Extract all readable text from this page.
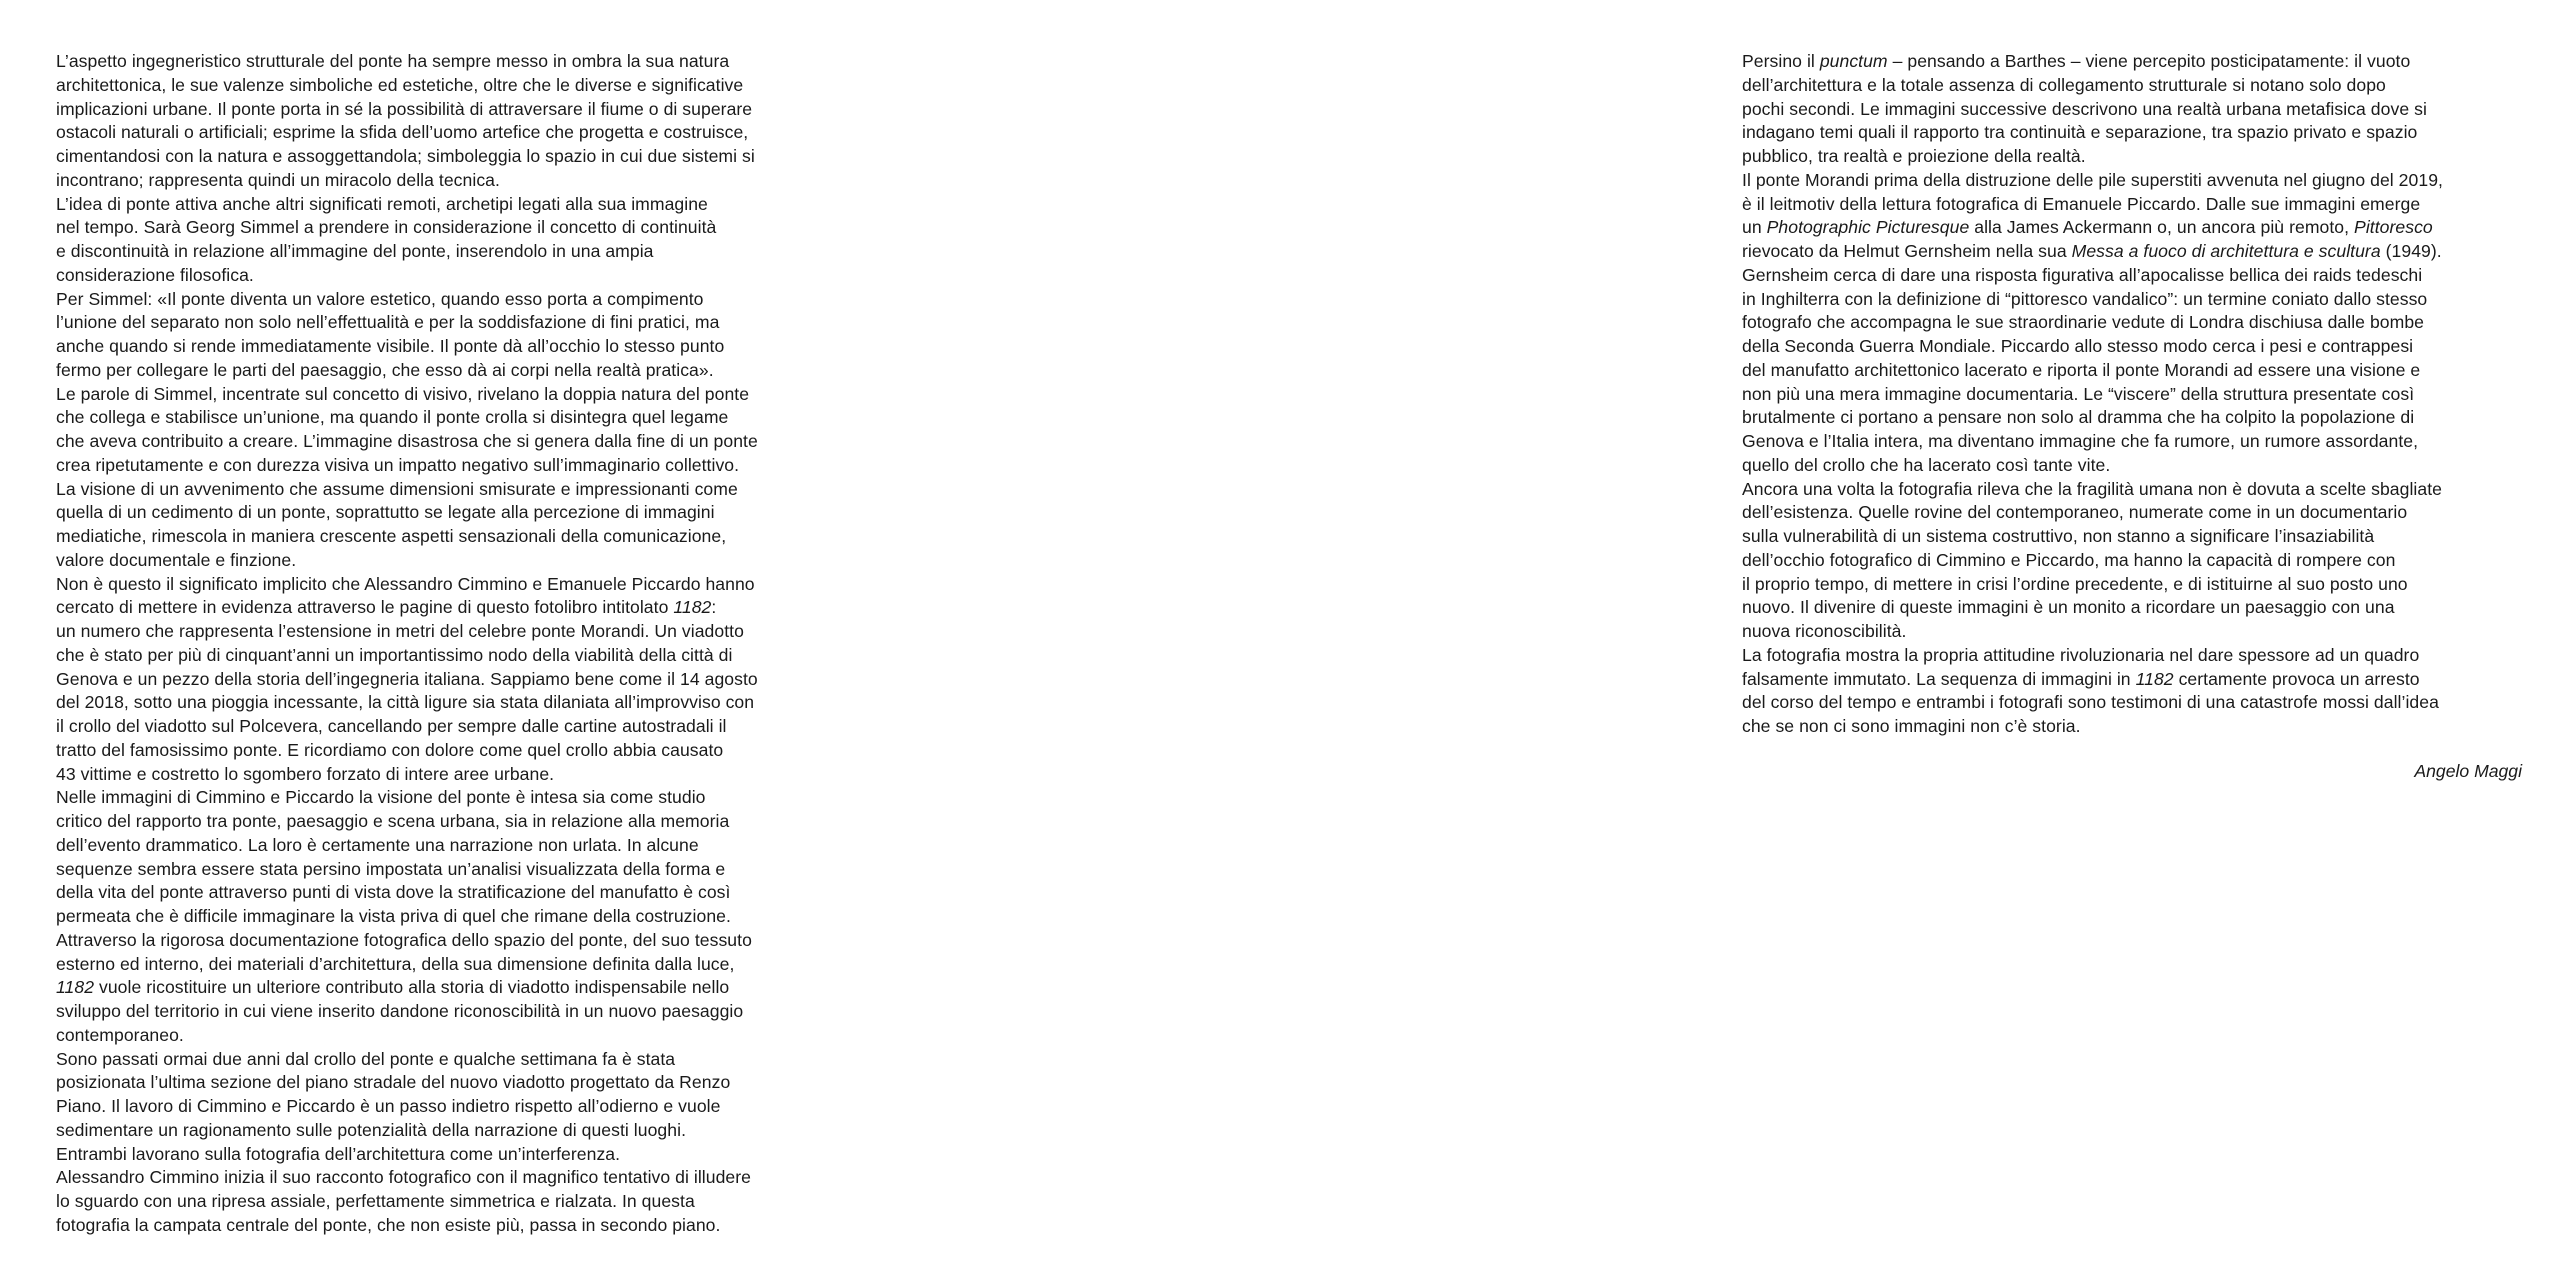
L’aspetto ingegneristico strutturale del ponte ha sempre messo in ombra la sua natura
architettonica, le sue valenze simboliche ed estetiche, oltre che le diverse e significative
implicazioni urbane. Il ponte porta in sé la possibilità di attraversare il fiume o di superare
ostacoli naturali o artificiali; esprime la sfida dell’uomo artefice che progetta e costruisce,
cimentandosi con la natura e assoggettandola; simboleggia lo spazio in cui due sistemi si
incontrano; rappresenta quindi un miracolo della tecnica.
L’idea di ponte attiva anche altri significati remoti, archetipi legati alla sua immagine
nel tempo. Sarà Georg Simmel a prendere in considerazione il concetto di continuità
e discontinuità in relazione all’immagine del ponte, inserendolo in una ampia
considerazione filosofica.
Per Simmel: «Il ponte diventa un valore estetico, quando esso porta a compimento
l’unione del separato non solo nell’effettualità e per la soddisfazione di fini pratici, ma
anche quando si rende immediatamente visibile. Il ponte dà all’occhio lo stesso punto
fermo per collegare le parti del paesaggio, che esso dà ai corpi nella realtà pratica».
Le parole di Simmel, incentrate sul concetto di visivo, rivelano la doppia natura del ponte
che collega e stabilisce un’unione, ma quando il ponte crolla si disintegra quel legame
che aveva contribuito a creare. L’immagine disastrosa che si genera dalla fine di un ponte
crea ripetutamente e con durezza visiva un impatto negativo sull’immaginario collettivo.
La visione di un avvenimento che assume dimensioni smisurate e impressionanti come
quella di un cedimento di un ponte, soprattutto se legate alla percezione di immagini
mediatiche, rimescola in maniera crescente aspetti sensazionali della comunicazione,
valore documentale e finzione.
Non è questo il significato implicito che Alessandro Cimmino e Emanuele Piccardo hanno
cercato di mettere in evidenza attraverso le pagine di questo fotolibro intitolato 1182:
un numero che rappresenta l’estensione in metri del celebre ponte Morandi. Un viadotto
che è stato per più di cinquant’anni un importantissimo nodo della viabilità della città di
Genova e un pezzo della storia dell’ingegneria italiana. Sappiamo bene come il 14 agosto
del 2018, sotto una pioggia incessante, la città ligure sia stata dilaniata all’improvviso con
il crollo del viadotto sul Polcevera, cancellando per sempre dalle cartine autostradali il
tratto del famosissimo ponte. E ricordiamo con dolore come quel crollo abbia causato
43 vittime e costretto lo sgombero forzato di intere aree urbane.
Nelle immagini di Cimmino e Piccardo la visione del ponte è intesa sia come studio
critico del rapporto tra ponte, paesaggio e scena urbana, sia in relazione alla memoria
dell’evento drammatico. La loro è certamente una narrazione non urlata. In alcune
sequenze sembra essere stata persino impostata un’analisi visualizzata della forma e
della vita del ponte attraverso punti di vista dove la stratificazione del manufatto è così
permeata che è difficile immaginare la vista priva di quel che rimane della costruzione.
Attraverso la rigorosa documentazione fotografica dello spazio del ponte, del suo tessuto
esterno ed interno, dei materiali d’architettura, della sua dimensione definita dalla luce,
1182 vuole ricostituire un ulteriore contributo alla storia di viadotto indispensabile nello
sviluppo del territorio in cui viene inserito dandone riconoscibilità in un nuovo paesaggio
contemporaneo.
Sono passati ormai due anni dal crollo del ponte e qualche settimana fa è stata
posizionata l’ultima sezione del piano stradale del nuovo viadotto progettato da Renzo
Piano. Il lavoro di Cimmino e Piccardo è un passo indietro rispetto all’odierno e vuole
sedimentare un ragionamento sulle potenzialità della narrazione di questi luoghi.
Entrambi lavorano sulla fotografia dell’architettura come un’interferenza.
Alessandro Cimmino inizia il suo racconto fotografico con il magnifico tentativo di illudere
lo sguardo con una ripresa assiale, perfettamente simmetrica e rialzata. In questa
fotografia la campata centrale del ponte, che non esiste più, passa in secondo piano.
Persino il punctum – pensando a Barthes – viene percepito posticipatamente: il vuoto
dell’architettura e la totale assenza di collegamento strutturale si notano solo dopo
pochi secondi. Le immagini successive descrivono una realtà urbana metafisica dove si
indagano temi quali il rapporto tra continuità e separazione, tra spazio privato e spazio
pubblico, tra realtà e proiezione della realtà.
Il ponte Morandi prima della distruzione delle pile superstiti avvenuta nel giugno del 2019,
è il leitmotiv della lettura fotografica di Emanuele Piccardo. Dalle sue immagini emerge
un Photographic Picturesque alla James Ackermann o, un ancora più remoto, Pittoresco
rievocato da Helmut Gernsheim nella sua Messa a fuoco di architettura e scultura (1949).
Gernsheim cerca di dare una risposta figurativa all’apocalisse bellica dei raids tedeschi
in Inghilterra con la definizione di “pittoresco vandalico”: un termine coniato dallo stesso
fotografo che accompagna le sue straordinarie vedute di Londra dischiusa dalle bombe
della Seconda Guerra Mondiale. Piccardo allo stesso modo cerca i pesi e contrappesi
del manufatto architettonico lacerato e riporta il ponte Morandi ad essere una visione e
non più una mera immagine documentaria. Le “viscere” della struttura presentate così
brutalmente ci portano a pensare non solo al dramma che ha colpito la popolazione di
Genova e l’Italia intera, ma diventano immagine che fa rumore, un rumore assordante,
quello del crollo che ha lacerato così tante vite.
Ancora una volta la fotografia rileva che la fragilità umana non è dovuta a scelte sbagliate
dell’esistenza. Quelle rovine del contemporaneo, numerate come in un documentario
sulla vulnerabilità di un sistema costruttivo, non stanno a significare l’insaziabilità
dell’occhio fotografico di Cimmino e Piccardo, ma hanno la capacità di rompere con
il proprio tempo, di mettere in crisi l’ordine precedente, e di istituirne al suo posto uno
nuovo. Il divenire di queste immagini è un monito a ricordare un paesaggio con una
nuova riconoscibilità.
La fotografia mostra la propria attitudine rivoluzionaria nel dare spessore ad un quadro
falsamente immutato. La sequenza di immagini in 1182 certamente provoca un arresto
del corso del tempo e entrambi i fotografi sono testimoni di una catastrofe mossi dall’idea
che se non ci sono immagini non c’è storia.
Angelo Maggi
